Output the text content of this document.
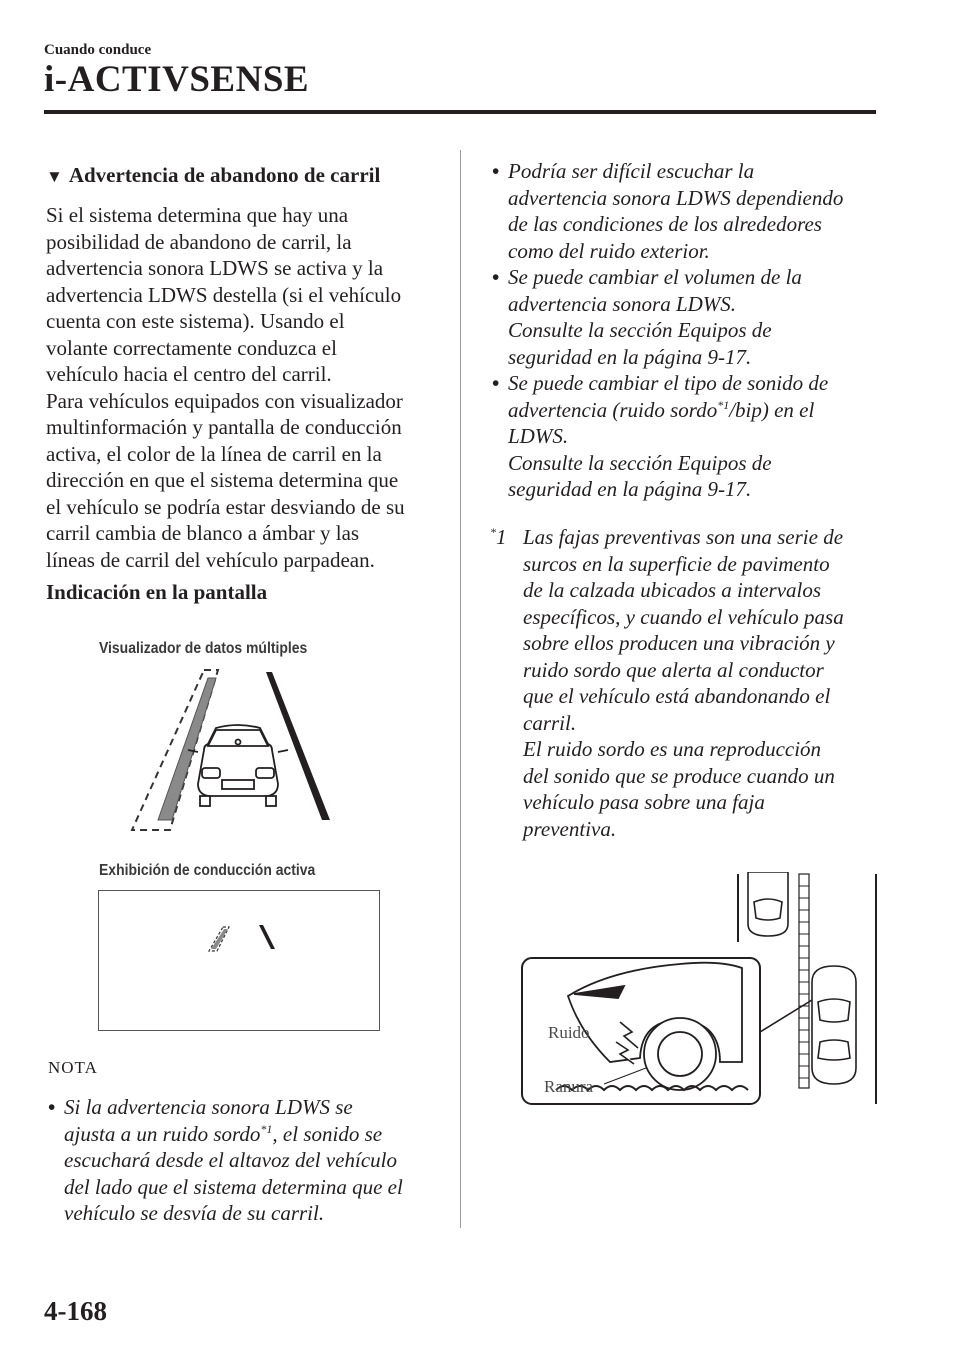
Cuando conduce
i-ACTIVSENSE
▼ Advertencia de abandono de carril
Si el sistema determina que hay una
posibilidad de abandono de carril, la
advertencia sonora LDWS se activa y la
advertencia LDWS destella (si el vehículo
cuenta con este sistema). Usando el
volante correctamente conduzca el
vehículo hacia el centro del carril.
Para vehículos equipados con visualizador
multinformación y pantalla de conducción
activa, el color de la línea de carril en la
dirección en que el sistema determina que
el vehículo se podría estar desviando de su
carril cambia de blanco a ámbar y las
líneas de carril del vehículo parpadean.
Indicación en la pantalla
Visualizador de datos múltiples
Exhibición de conducción activa
NOTA
• Si la advertencia sonora LDWS se
ajusta a un ruido sordo$^{*1}$, el sonido se
escuchará desde el altavoz del vehículo
del lado que el sistema determina que el
vehículo se desvía de su carril.
• Podría ser difícil escuchar la
advertencia sonora LDWS dependiendo
de las condiciones de los alrededores
como del ruido exterior.
• Se puede cambiar el volumen de la
advertencia sonora LDWS.
Consulte la sección Equipos de
seguridad en la página 9-17.
• Se puede cambiar el tipo de sonido de
advertencia (ruido sordo$^{*1}$/bip) en el
LDWS.
Consulte la sección Equipos de
seguridad en la página 9-17.
*1 Las fajas preventivas son una serie de
surcos en la superficie de pavimento
de la calzada ubicados a intervalos
específicos, y cuando el vehículo pasa
sobre ellos producen una vibración y
ruido sordo que alerta al conductor
que el vehículo está abandonando el
carril.
El ruido sordo es una reproducción
del sonido que se produce cuando un
vehículo pasa sobre una faja
preventiva.
Ruido
Ranura
4-168
